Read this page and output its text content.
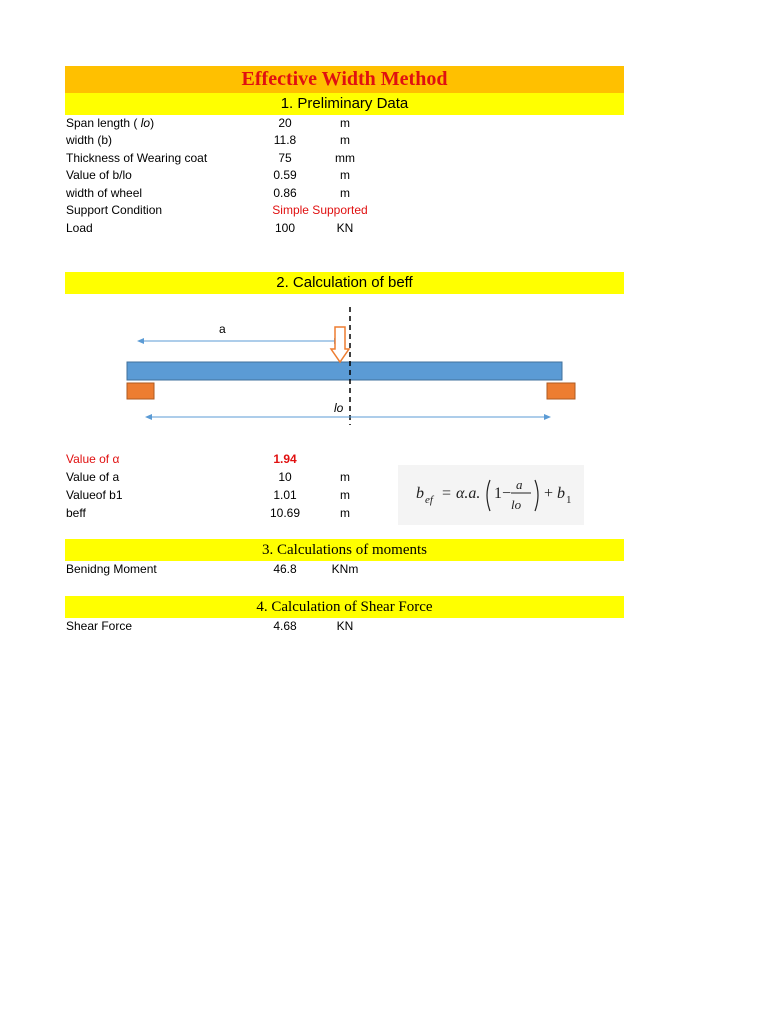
Effective Width Method
1. Preliminary Data
Span length ( lo)	20	m
width (b)	11.8	m
Thickness of Wearing coat	75	mm
Value of b/lo	0.59	m
width of wheel	0.86	m
Support Condition	Simple Supported
Load	100	KN
2. Calculation of beff
a
lo
Value of α	1.94
Value of a	10	m
Valueof b1	1.01	m
beff	10.69	m
b ef = α.a. 1−
a
lo
+ b 1
3. Calculations of moments
Benidng Moment	46.8	KNm
4. Calculation of Shear Force
Shear Force	4.68	KN
